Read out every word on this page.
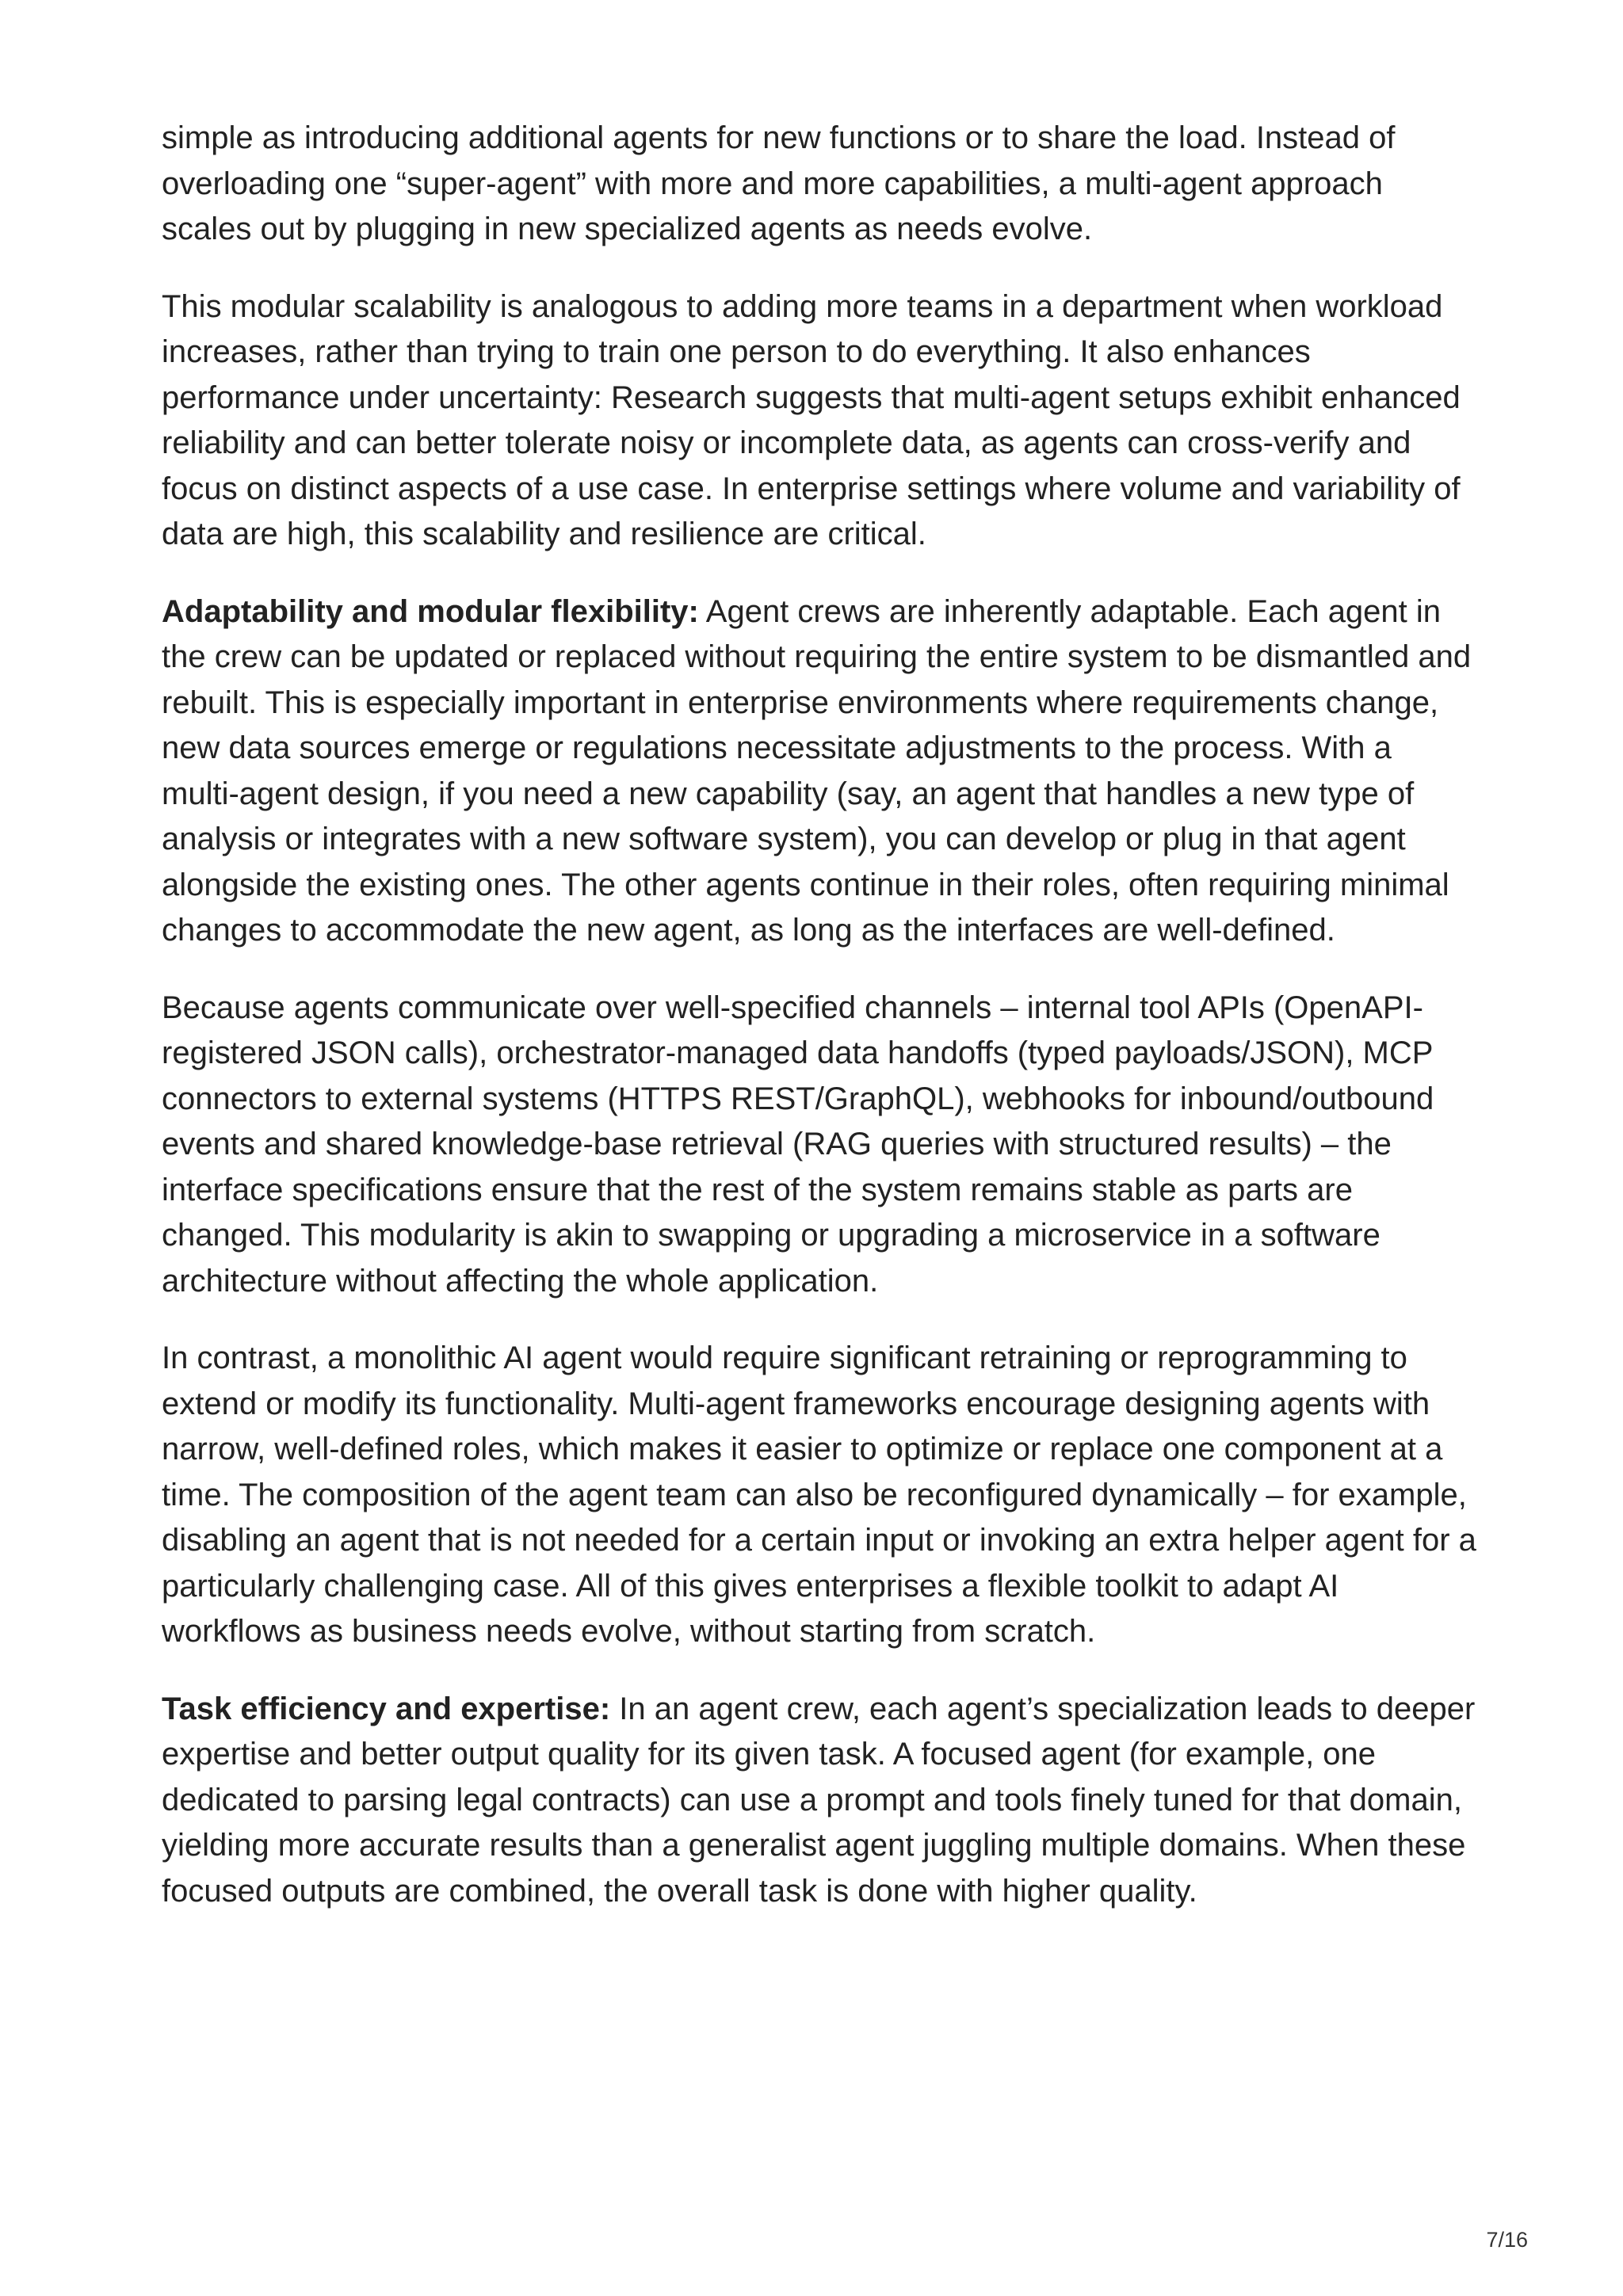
simple as introducing additional agents for new functions or to share the load. Instead of overloading one “super-agent” with more and more capabilities, a multi-agent approach scales out by plugging in new specialized agents as needs evolve.

This modular scalability is analogous to adding more teams in a department when workload increases, rather than trying to train one person to do everything. It also enhances performance under uncertainty: Research suggests that multi-agent setups exhibit enhanced reliability and can better tolerate noisy or incomplete data, as agents can cross-verify and focus on distinct aspects of a use case. In enterprise settings where volume and variability of data are high, this scalability and resilience are critical.

Adaptability and modular flexibility: Agent crews are inherently adaptable. Each agent in the crew can be updated or replaced without requiring the entire system to be dismantled and rebuilt. This is especially important in enterprise environments where requirements change, new data sources emerge or regulations necessitate adjustments to the process. With a multi-agent design, if you need a new capability (say, an agent that handles a new type of analysis or integrates with a new software system), you can develop or plug in that agent alongside the existing ones. The other agents continue in their roles, often requiring minimal changes to accommodate the new agent, as long as the interfaces are well-defined.

Because agents communicate over well-specified channels – internal tool APIs (OpenAPI-registered JSON calls), orchestrator-managed data handoffs (typed payloads/JSON), MCP connectors to external systems (HTTPS REST/GraphQL), webhooks for inbound/outbound events and shared knowledge-base retrieval (RAG queries with structured results) – the interface specifications ensure that the rest of the system remains stable as parts are changed. This modularity is akin to swapping or upgrading a microservice in a software architecture without affecting the whole application.

In contrast, a monolithic AI agent would require significant retraining or reprogramming to extend or modify its functionality. Multi-agent frameworks encourage designing agents with narrow, well-defined roles, which makes it easier to optimize or replace one component at a time. The composition of the agent team can also be reconfigured dynamically – for example, disabling an agent that is not needed for a certain input or invoking an extra helper agent for a particularly challenging case. All of this gives enterprises a flexible toolkit to adapt AI workflows as business needs evolve, without starting from scratch.

Task efficiency and expertise: In an agent crew, each agent’s specialization leads to deeper expertise and better output quality for its given task. A focused agent (for example, one dedicated to parsing legal contracts) can use a prompt and tools finely tuned for that domain, yielding more accurate results than a generalist agent juggling multiple domains. When these focused outputs are combined, the overall task is done with higher quality.

7/16
